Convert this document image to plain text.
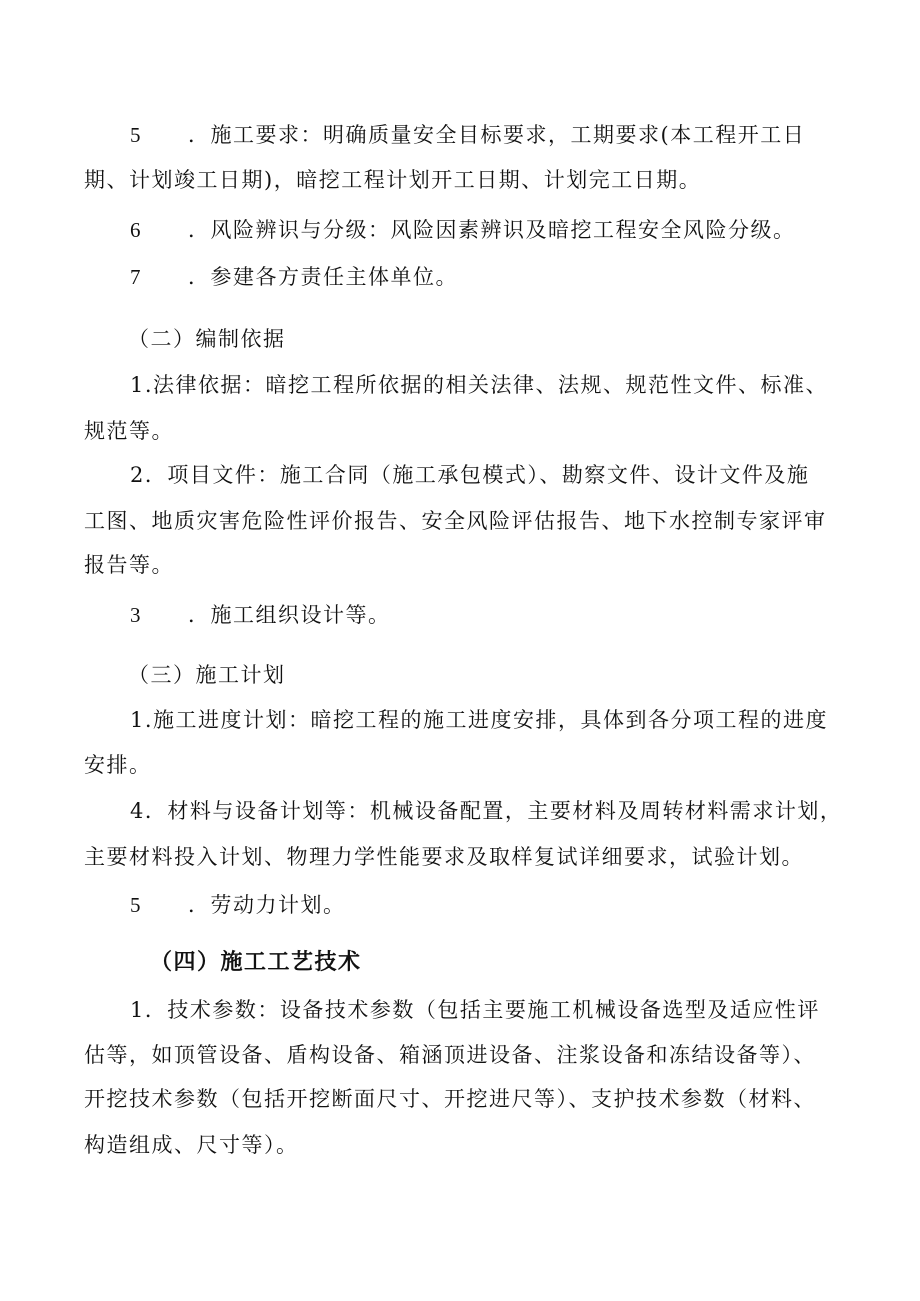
5 ．施工要求：明确质量安全目标要求，工期要求(本工程开工日
期、计划竣工日期)，暗挖工程计划开工日期、计划完工日期。
6 ．风险辨识与分级：风险因素辨识及暗挖工程安全风险分级。
7 ．参建各方责任主体单位。
（二）编制依据
1.法律依据：暗挖工程所依据的相关法律、法规、规范性文件、标准、
规范等。
2．项目文件：施工合同（施工承包模式）、勘察文件、设计文件及施
工图、地质灾害危险性评价报告、安全风险评估报告、地下水控制专家评审
报告等。
3 ．施工组织设计等。
（三）施工计划
1.施工进度计划：暗挖工程的施工进度安排，具体到各分项工程的进度
安排。
4．材料与设备计划等：机械设备配置，主要材料及周转材料需求计划，
主要材料投入计划、物理力学性能要求及取样复试详细要求，试验计划。
5 ．劳动力计划。
（四）施工工艺技术
1．技术参数：设备技术参数（包括主要施工机械设备选型及适应性评
估等，如顶管设备、盾构设备、箱涵顶进设备、注浆设备和冻结设备等）、
开挖技术参数（包括开挖断面尺寸、开挖进尺等）、支护技术参数（材料、
构造组成、尺寸等）。
